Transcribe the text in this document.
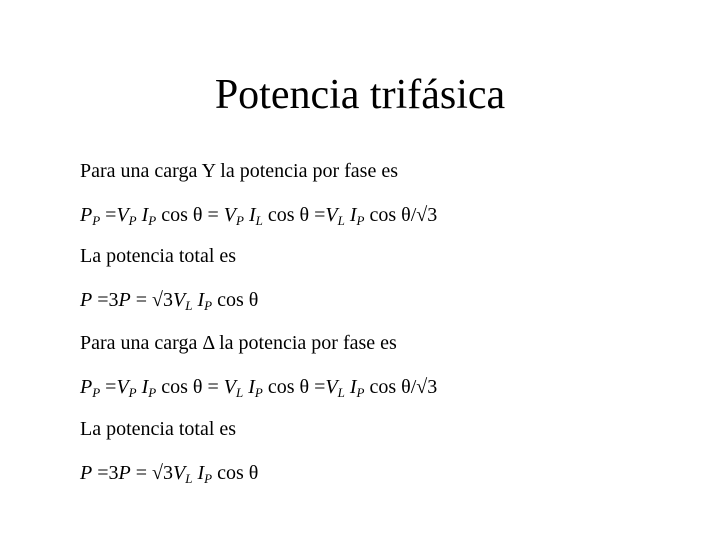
Potencia trifásica
Para una carga Y la potencia por fase es
$P_P =V_P$ $I_P$ $\cos \theta = V_P$ $I_L$ $\cos \theta =V_L$ $I_P$ cos θ/√3
La potencia total es
$P =3P = √3V_L$ $I_P$ cos θ
Para una carga Δ la potencia por fase es
$P_P =V_P$ $I_P$ $\cos \theta = V_L$ $I_P$ $\cos \theta =V_L$ $I_P$ cos θ/√3
La potencia total es
$P =3P = √3V_L$ $I_P$ cos θ
